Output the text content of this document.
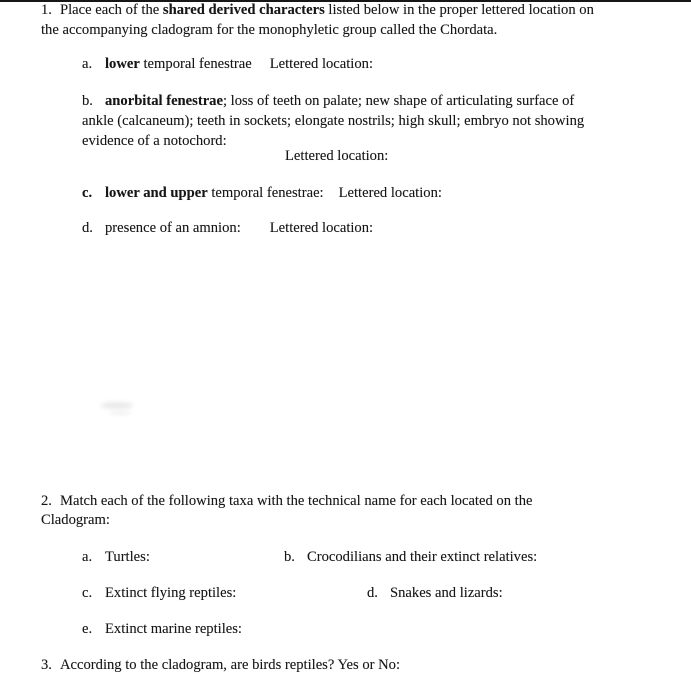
1. Place each of the shared derived characters listed below in the proper lettered location on
the accompanying cladogram for the monophyletic group called the Chordata.
a. lower temporal fenestrae Lettered location:
b. anorbital fenestrae; loss of teeth on palate; new shape of articulating surface of
ankle (calcaneum); teeth in sockets; elongate nostrils; high skull; embryo not showing
evidence of a notochord:
Lettered location:
c. lower and upper temporal fenestrae: Lettered location:
d. presence of an amnion: Lettered location:
2. Match each of the following taxa with the technical name for each located on the
Cladogram:
a. Turtles:	b. Crocodilians and their extinct relatives:
c. Extinct flying reptiles:	d. Snakes and lizards:
e. Extinct marine reptiles:
3. According to the cladogram, are birds reptiles? Yes or No:
